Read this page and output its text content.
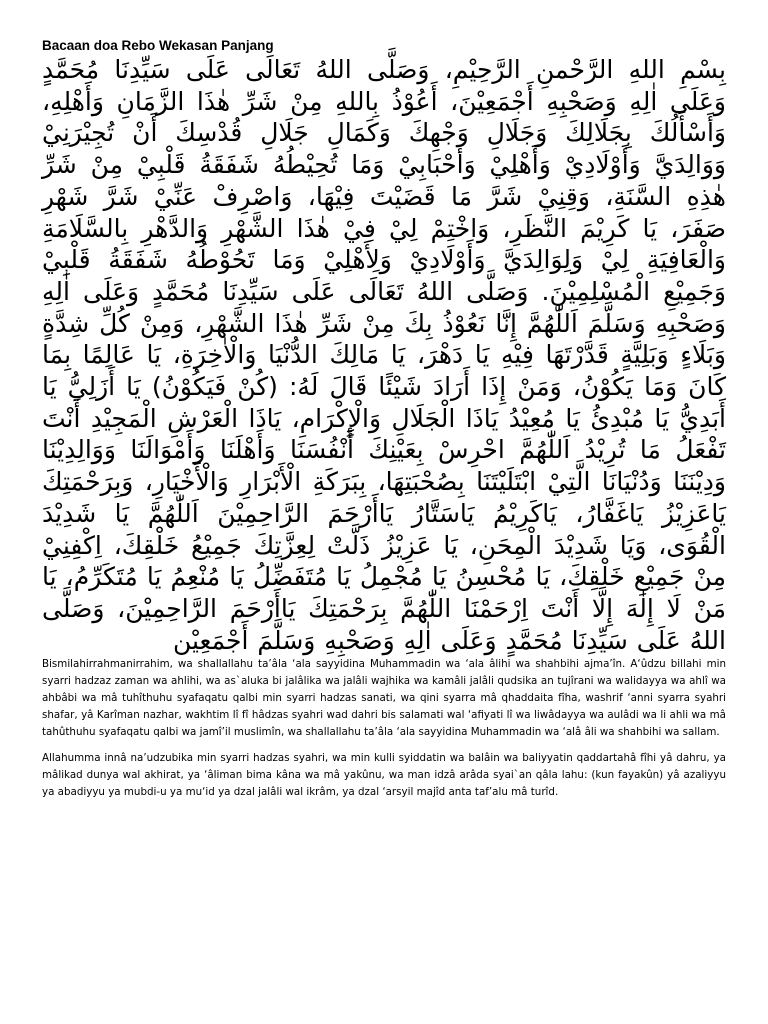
Bacaan doa Rebo Wekasan Panjang
بِسْمِ اللهِ الرَّحْمنِ الرَّحِيْمِ، وَصَلَّى اللهُ تَعَالَى عَلَى سَيِّدِنَا مُحَمَّدٍ وَعَلَى اٰلِهِ وَصَحْبِهِ أَجْمَعِيْنَ، أَعُوْذُ بِاللهِ مِنْ شَرِّ هٰذَا الزَّمَانِ وَأَهْلِهِ، وَأَسْأَلُكَ بِجَلَالِكَ وَجَلَالِ وَجْهِكَ وَكَمَالِ جَلَالِ قُدْسِكَ أَنْ تُجِيْرَنِيْ وَوَالِدَيَّ وَأَوْلَادِيْ وَأَهْلِيْ وَأَحْبَابِيْ وَمَا تُحِيْطُهُ شَفَقَةُ قَلْبِيْ مِنْ شَرِّ هٰذِهِ السَّنَةِ، وَقِنِيْ شَرَّ مَا قَضَيْتَ فِيْهَا، وَاصْرِفْ عَنِّيْ شَرَّ شَهْرِ صَفَرَ، يَا كَرِيْمَ النَّظَرِ، وَاخْتِمْ لِيْ فِيْ هٰذَا الشَّهْرِ وَالدَّهْرِ بِالسَّلَامَةِ وَالْعَافِيَةِ لِيْ وَلِوَالِدَيَّ وَأَوْلَادِيْ وَلِأَهْلِيْ وَمَا تَحُوْطُهُ شَفَقَةُ قَلْبِيْ وَجَمِيْعِ الْمُسْلِمِيْنَ. وَصَلَّى اللهُ تَعَالَى عَلَى سَيِّدِنَا مُحَمَّدٍ وَعَلَى اٰلِهِ وَصَحْبِهِ وَسَلَّمَ اَللّٰهُمَّ إِنَّا نَعُوْذُ بِكَ مِنْ شَرِّ هٰذَا الشَّهْرِ، وَمِنْ كُلِّ شِدَّةٍ وَبَلَاءٍ وَبَلِيَّةٍ قَدَّرْتَهَا فِيْهِ يَا دَهْرَ، يَا مَالِكَ الدُّنْيَا وَالْاٰخِرَةِ، يَا عَالِمًا بِمَا كَانَ وَمَا يَكُوْنُ، وَمَنْ إِذَا أَرَادَ شَيْئًا قَالَ لَهُ: (كُنْ فَيَكُوْنُ) يَا أَزَلِيُّ يَا أَبَدِيُّ يَا مُبْدِئُ يَا مُعِيْدُ يَاذَا الْجَلَالِ وَالْإِكْرَامِ، يَاذَا الْعَرْشِ الْمَجِيْدِ أَنْتَ تَفْعَلُ مَا تُرِيْدُ اَللّٰهُمَّ احْرِسْ بِعَيْنِكَ أَنْفُسَنَا وَأَهْلَنَا وَأَمْوَالَنَا وَوَالِدِيْنَا وَدِيْنَنَا وَدُنْيَانَا الَّتِيْ ابْتَلَيْتَنَا بِصُحْبَتِهَا، بِبَرَكَةِ الْأَبْرَارِ وَالْأَخْيَارِ، وَبِرَحْمَتِكَ يَاعَزِيْزُ يَاغَفَّارُ، يَاكَرِيْمُ يَاسَتَّارُ يَاأَرْحَمَ الرَّاحِمِيْنَ اَللّٰهُمَّ يَا شَدِيْدَ الْقُوَى، وَيَا شَدِيْدَ الْمِحَنِ، يَا عَزِيْزُ ذَلَّتْ لِعِزَّتِكَ جَمِيْعُ خَلْقِكَ، اِكْفِنِيْ مِنْ جَمِيْعِ خَلْقِكَ، يَا مُحْسِنُ يَا مُجْمِلُ يَا مُتَفَضِّلُ يَا مُنْعِمُ يَا مُتَكَرِّمُ، يَا مَنْ لَا إِلٰهَ إِلَّا أَنْتَ اِرْحَمْنَا اللّٰهُمَّ بِرَحْمَتِكَ يَاأَرْحَمَ الرَّاحِمِيْنَ، وَصَلَّى اللهُ عَلَى سَيِّدِنَا مُحَمَّدٍ وَعَلَى اٰلِهِ وَصَحْبِهِ وَسَلَّمَ أَجْمَعِيْن

Bismilahirrahmanirrahim, wa shallallahu ta’âla ‘ala sayyidina Muhammadin wa ‘ala âlihi wa shahbihi ajma’în. A‘ûdzu billahi min syarri hadzaz zaman wa ahlihi, wa as`aluka bi jalâlika wa jalâli wajhika wa kamâli jalâli qudsika an tujîrani wa walidayya wa ahlî wa ahbâbi wa mâ tuhîthuhu syafaqatu qalbi min syarri hadzas sanati, wa qini syarra mâ qhaddaita fîha, washrif ‘anni syarra syahri shafar, yâ Karîman nazhar, wakhtim lî fî hâdzas syahri wad dahri bis salamati wal ‘afiyati lî wa liwâdayya wa aulâdi wa li ahli wa mâ tahûthuhu syafaqatu qalbi wa jamî’il muslimîn, wa shallallahu ta’âla ‘ala sayyidina Muhammadin wa ‘alâ âli wa shahbihi wa sallam.

Allahumma innâ na’udzubika min syarri hadzas syahri, wa min kulli syiddatin wa balâin wa baliyyatin qaddartahâ fîhi yâ dahru, ya mâlikad dunya wal akhirat, ya ‘âliman bima kâna wa mâ yakûnu, wa man idzâ arâda syai`an qâla lahu: (kun fayakûn) yâ azaliyyu ya abadiyyu ya mubdi-u ya mu‘id ya dzal jalâli wal ikrâm, ya dzal ‘arsyil majîd anta taf’alu mâ turîd.
